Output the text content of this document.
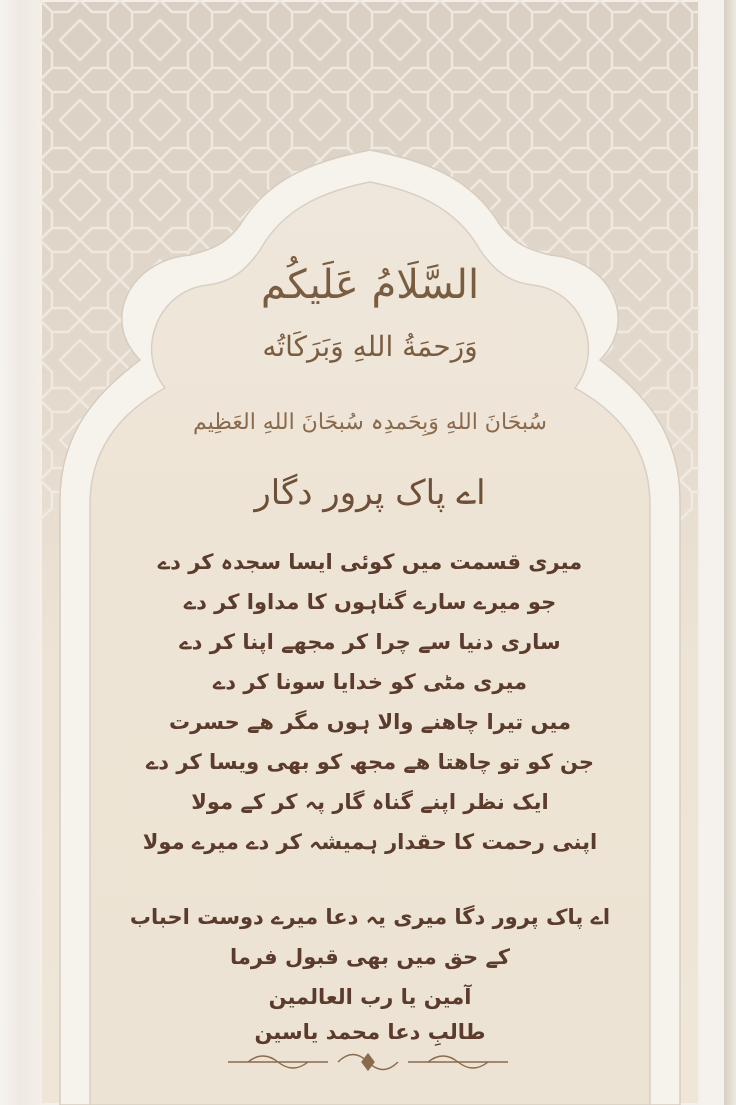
السَّلَامُ عَلَيكُم

وَرَحمَةُ اللهِ وَبَرَكَاتُه

سُبحَانَ اللهِ وَبِحَمدِہ سُبحَانَ اللهِ العَظِیم

اے پاک پرور دگار

میری قسمت میں کوئی ایسا سجدہ کر دے

جو میرے سارے گناہوں کا مداوا کر دے

ساری دنیا سے چرا کر مجھے اپنا کر دے

میری مٹی کو خدایا سونا کر دے

میں تیرا چاھنے والا ہوں مگر ھے حسرت

جن کو تو چاھتا ھے مجھ کو بھی ویسا کر دے

ایک نظر اپنے گناہ گار پہ کر کے مولا

اپنی رحمت کا حقدار ہمیشہ کر دے میرے مولا

اے پاک پرور دگا میری یہ دعا میرے دوست احباب

کے حق میں بھی قبول فرما

آمین یا رب العالمین

طالبِ دعا محمد یاسین
